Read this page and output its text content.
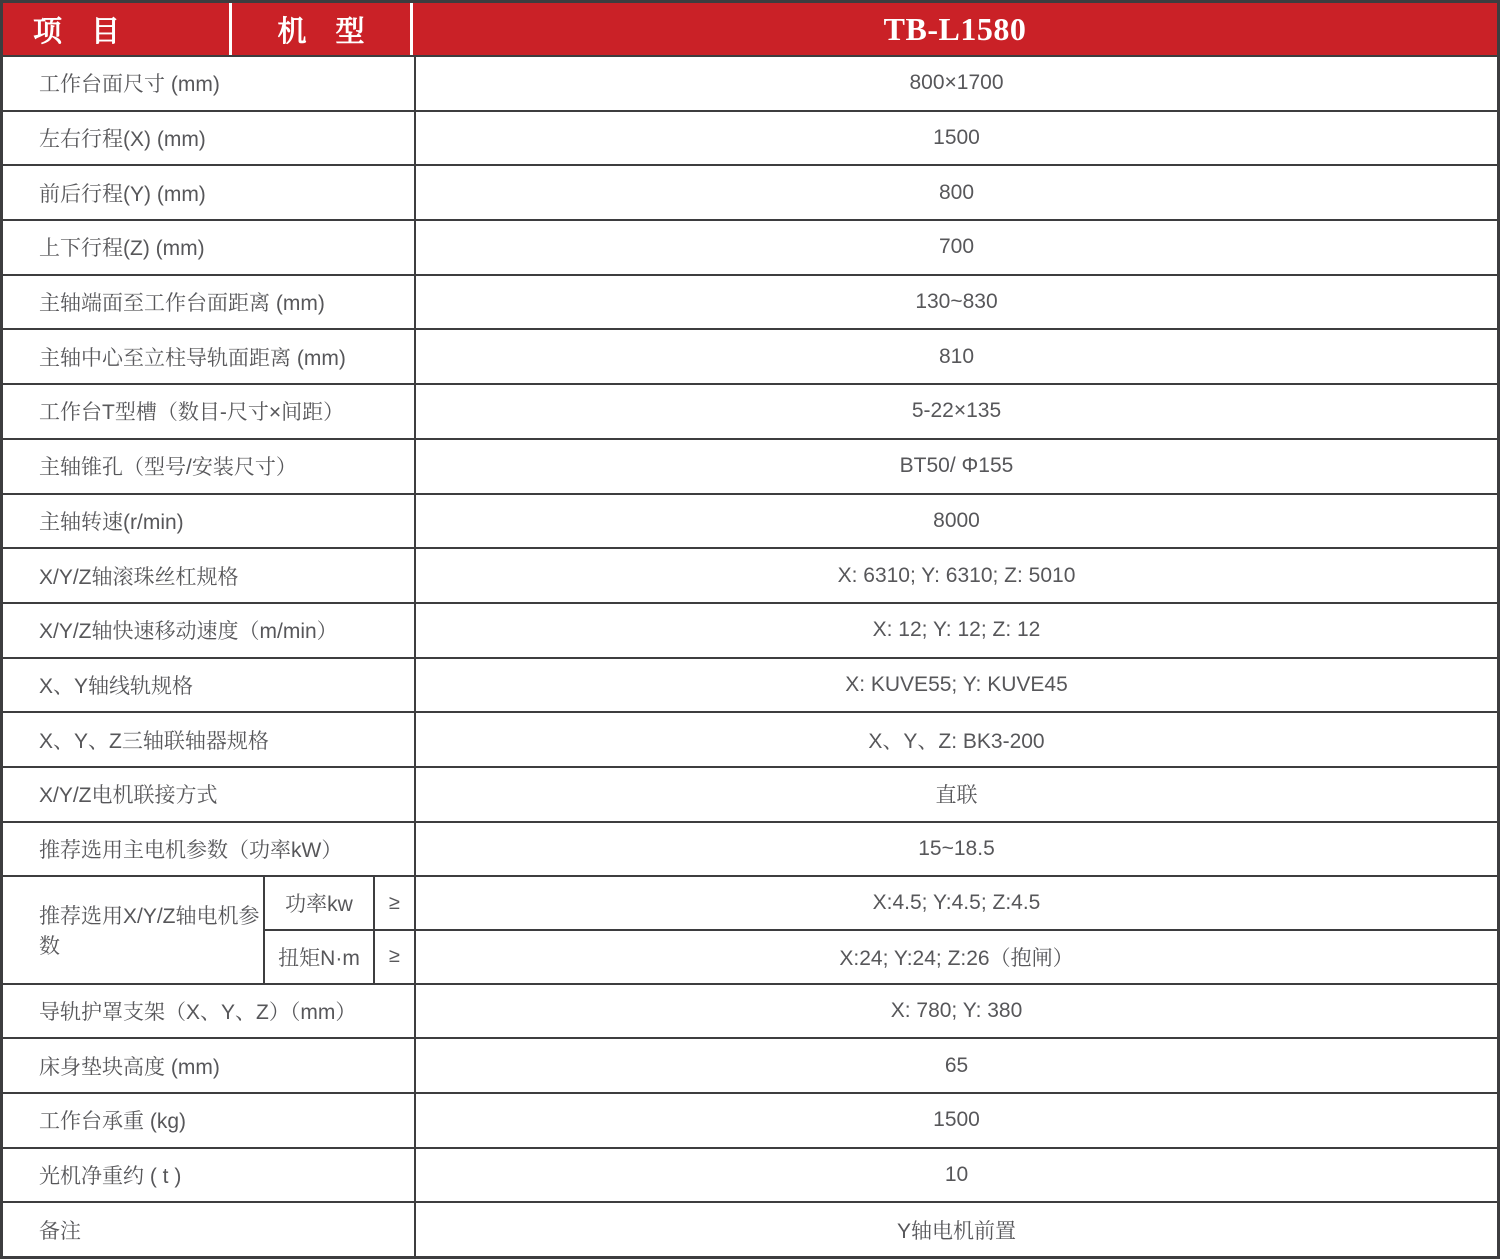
项　目	机　型	TB-L1580
工作台面尺寸 (mm)	800×1700
左右行程(X) (mm)	1500
前后行程(Y) (mm)	800
上下行程(Z) (mm)	700
主轴端面至工作台面距离 (mm)	130~830
主轴中心至立柱导轨面距离 (mm)	810
工作台T型槽（数目-尺寸×间距）	5-22×135
主轴锥孔（型号/安装尺寸）	BT50/ Φ155
主轴转速(r/min)	8000
X/Y/Z轴滚珠丝杠规格	X: 6310; Y: 6310; Z: 5010
X/Y/Z轴快速移动速度（m/min）	X: 12; Y: 12; Z: 12
X、Y轴线轨规格	X: KUVE55; Y: KUVE45
X、Y、Z三轴联轴器规格	X、Y、Z: BK3-200
X/Y/Z电机联接方式	直联
推荐选用主电机参数（功率kW）	15~18.5
推荐选用X/Y/Z轴电机参数
功率kw	≥	X:4.5; Y:4.5; Z:4.5
扭矩N·m	≥	X:24; Y:24; Z:26（抱闸）
导轨护罩支架（X、Y、Z）（mm）	X: 780; Y: 380
床身垫块高度 (mm)	65
工作台承重 (kg)	1500
光机净重约 ( t )	10
备注	Y轴电机前置
